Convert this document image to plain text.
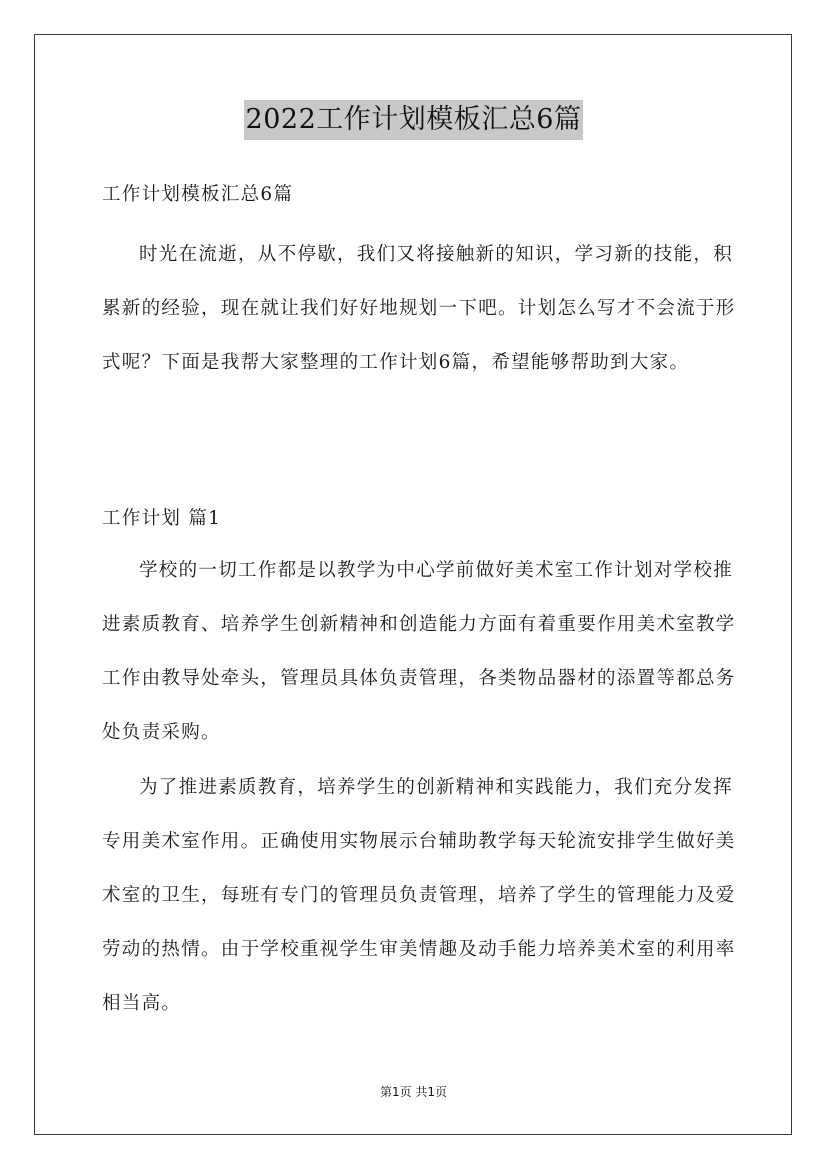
2022工作计划模板汇总6篇

工作计划模板汇总6篇

时光在流逝，从不停歇，我们又将接触新的知识，学习新的技能，积累新的经验，现在就让我们好好地规划一下吧。计划怎么写才不会流于形式呢？下面是我帮大家整理的工作计划6篇，希望能够帮助到大家。

工作计划 篇1

学校的一切工作都是以教学为中心学前做好美术室工作计划对学校推进素质教育、培养学生创新精神和创造能力方面有着重要作用美术室教学工作由教导处牵头，管理员具体负责管理，各类物品器材的添置等都总务处负责采购。

为了推进素质教育，培养学生的创新精神和实践能力，我们充分发挥专用美术室作用。正确使用实物展示台辅助教学每天轮流安排学生做好美术室的卫生，每班有专门的管理员负责管理，培养了学生的管理能力及爱劳动的热情。由于学校重视学生审美情趣及动手能力培养美术室的利用率相当高。

第1页 共1页
